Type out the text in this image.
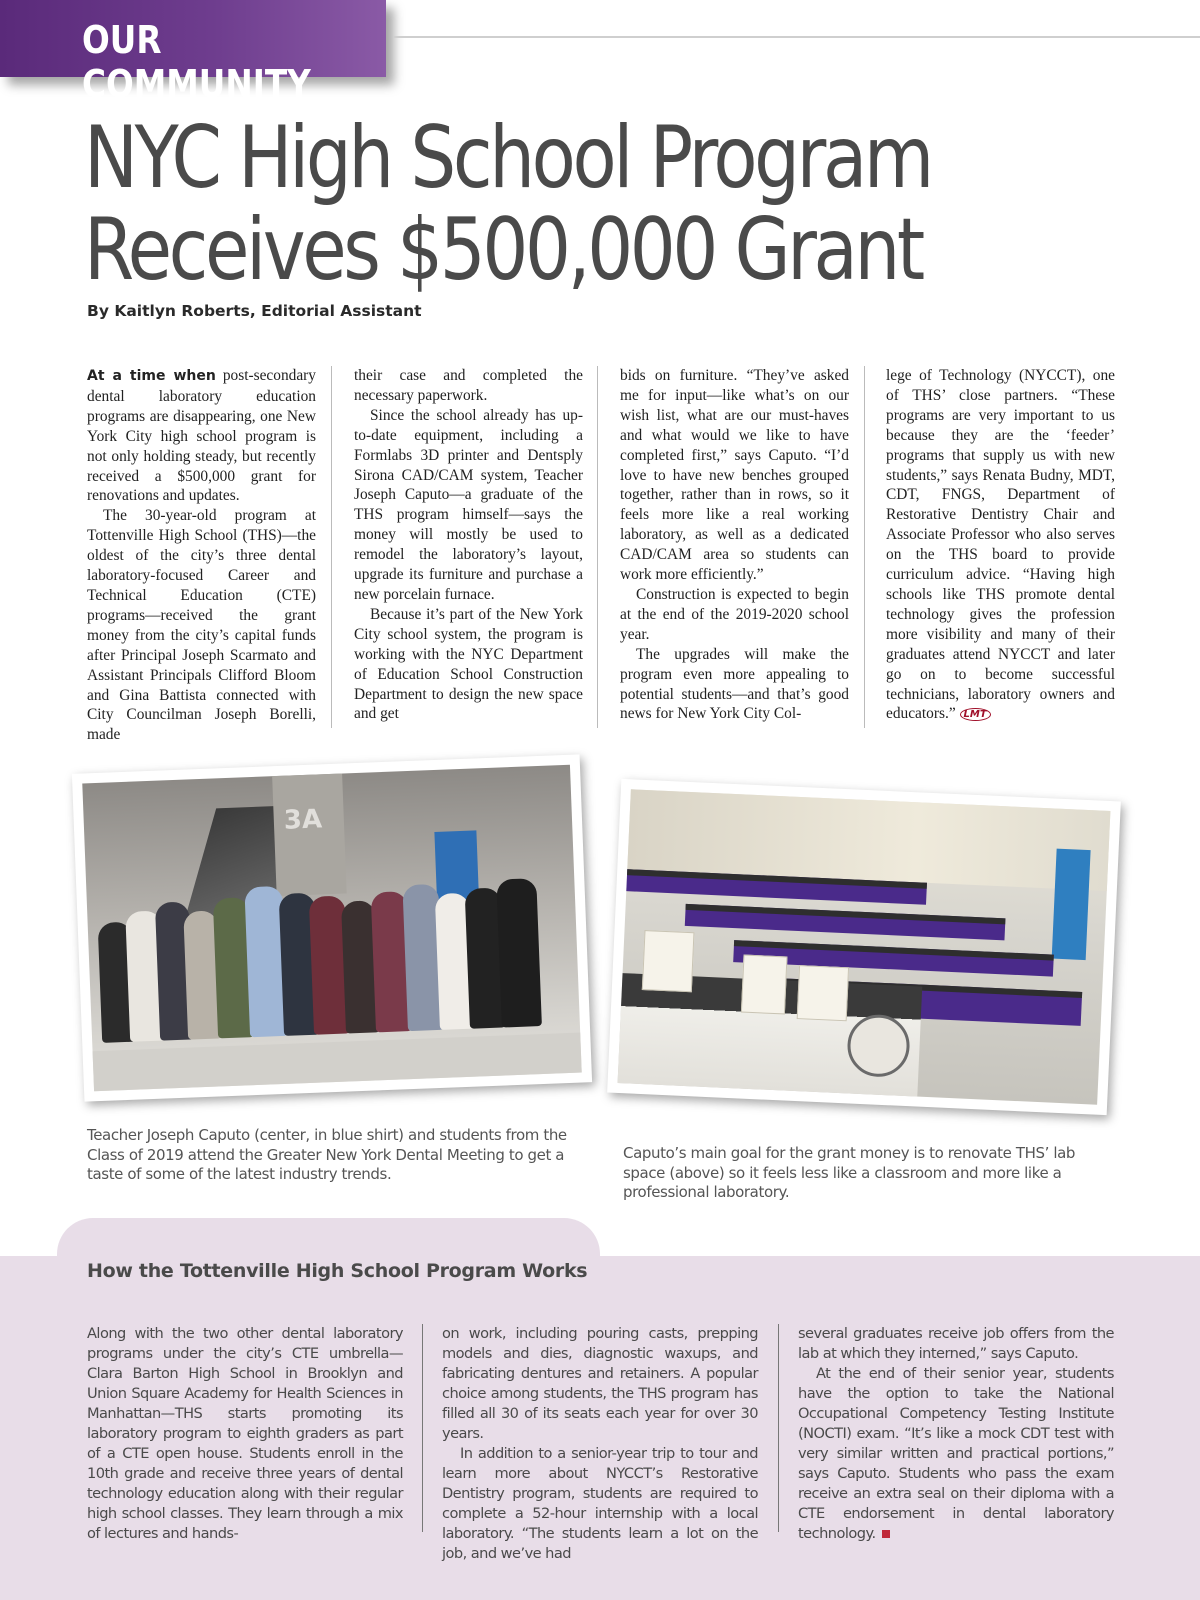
OUR COMMUNITY
NYC High School Program
Receives $500,000 Grant
By Kaitlyn Roberts, Editorial Assistant

At a time when post-secondary dental laboratory education programs are disappearing, one New York City high school program is not only holding steady, but recently received a $500,000 grant for renovations and updates.

The 30-year-old program at Tottenville High School (THS)—the oldest of the city’s three dental laboratory-focused Career and Technical Education (CTE) programs—received the grant money from the city’s capital funds after Principal Joseph Scarmato and Assistant Principals Clifford Bloom and Gina Battista connected with City Councilman Joseph Borelli, made

their case and completed the necessary paperwork.

Since the school already has up-to-date equipment, including a Formlabs 3D printer and Dentsply Sirona CAD/CAM system, Teacher Joseph Caputo—a graduate of the THS program himself—says the money will mostly be used to remodel the laboratory’s layout, upgrade its furniture and purchase a new porcelain furnace.

Because it’s part of the New York City school system, the program is working with the NYC Department of Education School Construction Department to design the new space and get

bids on furniture. “They’ve asked me for input—like what’s on our wish list, what are our must-haves and what would we like to have completed first,” says Caputo. “I’d love to have new benches grouped together, rather than in rows, so it feels more like a real working laboratory, as well as a dedicated CAD/CAM area so students can work more efficiently.”

Construction is expected to begin at the end of the 2019-2020 school year.

The upgrades will make the program even more appealing to potential students—and that’s good news for New York City Col-

lege of Technology (NYCCT), one of THS’ close partners. “These programs are very important to us because they are the ‘feeder’ programs that supply us with new students,” says Renata Budny, MDT, CDT, FNGS, Department of Restorative Dentistry Chair and Associate Professor who also serves on the THS board to provide curriculum advice. “Having high schools like THS promote dental technology gives the profession more visibility and many of their graduates attend NYCCT and later go on to become successful technicians, laboratory owners and educators.” LMT

3A
Teacher Joseph Caputo (center, in blue shirt) and students from the Class of 2019 attend the Greater New York Dental Meeting to get a taste of some of the latest industry trends.
Caputo’s main goal for the grant money is to renovate THS’ lab space (above) so it feels less like a classroom and more like a professional laboratory.
How the Tottenville High School Program Works

Along with the two other dental laboratory programs under the city’s CTE umbrella—Clara Barton High School in Brooklyn and Union Square Academy for Health Sciences in Manhattan—THS starts promoting its laboratory program to eighth graders as part of a CTE open house. Students enroll in the 10th grade and receive three years of dental technology education along with their regular high school classes. They learn through a mix of lectures and hands-

on work, including pouring casts, prepping models and dies, diagnostic waxups, and fabricating dentures and retainers. A popular choice among students, the THS program has filled all 30 of its seats each year for over 30 years.

In addition to a senior-year trip to tour and learn more about NYCCT’s Restorative Dentistry program, students are required to complete a 52-hour internship with a local laboratory. “The students learn a lot on the job, and we’ve had

several graduates receive job offers from the lab at which they interned,” says Caputo.

At the end of their senior year, students have the option to take the National Occupational Competency Testing Institute (NOCTI) exam. “It’s like a mock CDT test with very similar written and practical portions,” says Caputo. Students who pass the exam receive an extra seal on their diploma with a CTE endorsement in dental laboratory technology.
